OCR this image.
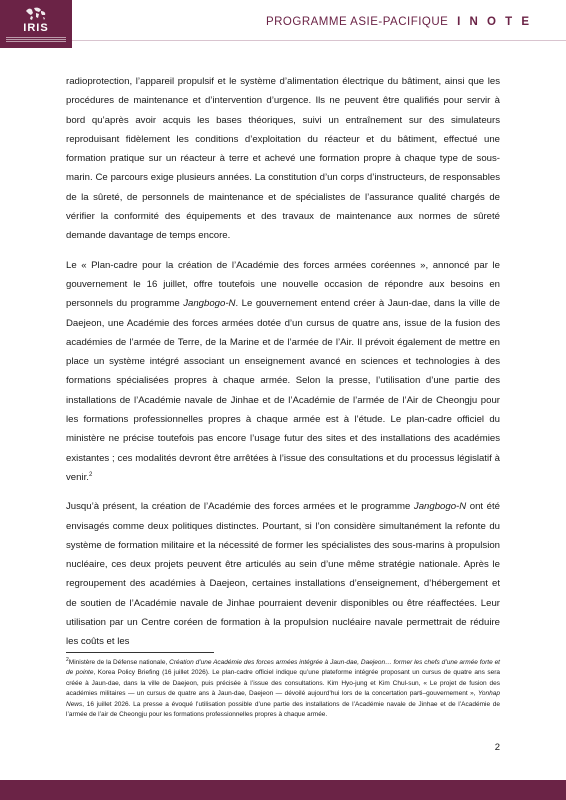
IRIS	PROGRAMME ASIE-PACIFIQUE I N O T E

radioprotection, l’appareil propulsif et le système d’alimentation électrique du bâtiment, ainsi que les procédures de maintenance et d’intervention d’urgence. Ils ne peuvent être qualifiés pour servir à bord qu’après avoir acquis les bases théoriques, suivi un entraînement sur des simulateurs reproduisant fidèlement les conditions d’exploitation du réacteur et du bâtiment, effectué une formation pratique sur un réacteur à terre et achevé une formation propre à chaque type de sous-marin. Ce parcours exige plusieurs années. La constitution d’un corps d’instructeurs, de responsables de la sûreté, de personnels de maintenance et de spécialistes de l’assurance qualité chargés de vérifier la conformité des équipements et des travaux de maintenance aux normes de sûreté demande davantage de temps encore.

Le « Plan-cadre pour la création de l’Académie des forces armées coréennes », annoncé par le gouvernement le 16 juillet, offre toutefois une nouvelle occasion de répondre aux besoins en personnels du programme Jangbogo-N. Le gouvernement entend créer à Jaun-dae, dans la ville de Daejeon, une Académie des forces armées dotée d’un cursus de quatre ans, issue de la fusion des académies de l’armée de Terre, de la Marine et de l’armée de l’Air. Il prévoit également de mettre en place un système intégré associant un enseignement avancé en sciences et technologies à des formations spécialisées propres à chaque armée. Selon la presse, l’utilisation d’une partie des installations de l’Académie navale de Jinhae et de l’Académie de l’armée de l’Air de Cheongju pour les formations professionnelles propres à chaque armée est à l’étude. Le plan-cadre officiel du ministère ne précise toutefois pas encore l’usage futur des sites et des installations des académies existantes ; ces modalités devront être arrêtées à l’issue des consultations et du processus législatif à venir.$^2$

Jusqu’à présent, la création de l’Académie des forces armées et le programme Jangbogo-N ont été envisagés comme deux politiques distinctes. Pourtant, si l’on considère simultanément la refonte du système de formation militaire et la nécessité de former les spécialistes des sous-marins à propulsion nucléaire, ces deux projets peuvent être articulés au sein d’une même stratégie nationale. Après le regroupement des académies à Daejeon, certaines installations d’enseignement, d’hébergement et de soutien de l’Académie navale de Jinhae pourraient devenir disponibles ou être réaffectées. Leur utilisation par un Centre coréen de formation à la propulsion nucléaire navale permettrait de réduire les coûts et les

$^2$Ministère de la Défense nationale, Création d’une Académie des forces armées intégrée à Jaun-dae, Daejeon… former les chefs d’une armée forte et de pointe, Korea Policy Briefing (16 juillet 2026). Le plan-cadre officiel indique qu’une plateforme intégrée proposant un cursus de quatre ans sera créée à Jaun-dae, dans la ville de Daejeon, puis précisée à l’issue des consultations. Kim Hyo-jung et Kim Chul-sun, « Le projet de fusion des académies militaires — un cursus de quatre ans à Jaun-dae, Daejeon — dévoilé aujourd’hui lors de la concertation parti–gouvernement », Yonhap News, 16 juillet 2026. La presse a évoqué l’utilisation possible d’une partie des installations de l’Académie navale de Jinhae et de l’Académie de l’armée de l’air de Cheongju pour les formations professionnelles propres à chaque armée.
2
